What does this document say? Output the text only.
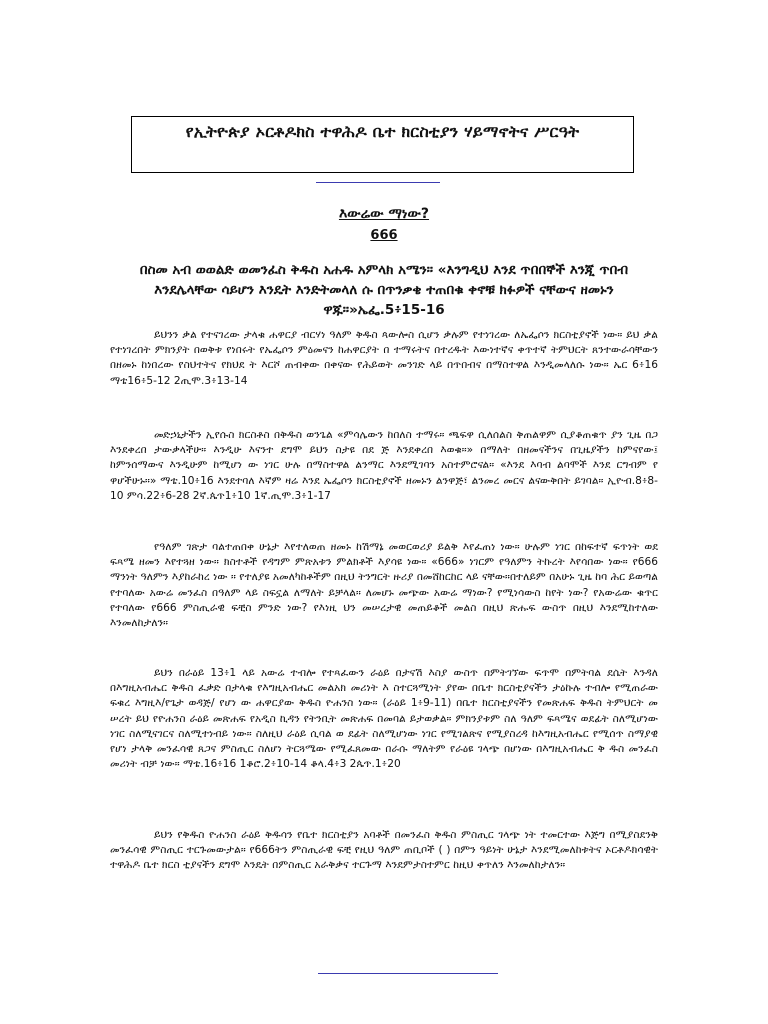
የኢትዮጵያ ኦርቶዶክስ ተዋሕዶ ቤተ ክርስቲያን ሃይማኖትና ሥርዓት
እውሬው ማነው?
666
በስመ አብ ወወልድ ወመንፈስ ቅዱስ አሐዱ አምላክ አሜን። «እንግዲህ እንደ ጥበበኞች እንጂ ጥበብ እንደሌላቸው ሳይሆን እንዴት እንድትመላለ ሱ በጥንቃቄ ተጠበቁ ቀኖቹ ክፉዎች ናቸውና ዘመኑን ዋጁ።»ኤፌ.5፥15-16
ይህንን ቃል የተናገረው ታላቁ ሐዋርያ ብርሃነ ዓለም ቅዱስ ጳውሎስ ሲሆን ቃሉም የተነገረው ለኤፌሶን ክርስቲያኖች ነው። ይህ ቃል የተነገረበት ምክንያት በወቅቱ የነበሩት የኤፌሶን ምዕመናን ከሐዋርያት በ ተማሩትና በተረዱት እውነተኛና ቀጥተኛ ትምህርት ጸንተውራሳቸውን በዘመኑ ከነበረው የስህተትና የክህደ ት እርሾ ጠብቀው በቀናው የሕይወት መንገድ ላይ በጥበብና በማስተዋል እንዲመላለሱ ነው። ኤር 6፥16 ማቴ16፥5-12 2ጢሞ.3፥13-14
መድኃኒታችን ኢየሱስ ክርስቶስ በቅዱስ ወንጌል «ምሳሌውን ከበለስ ተማሩ። ጫፍዋ ሲለሰልስ ቅጠልዋም ሲያቆጠቁጥ ያን ጊዜ በጋ እንደቀረበ ታውቃላችሁ። እንዲሁ እናንተ ደግሞ ይህን ስታዩ በደ ጅ እንደቀረበ እወቁ።» በማለት በዘመናችንና በጊዜያችን ከምናየው፤ ከምንሰማውና እንዲሁም ከሚሆነ ው ነገር ሁሉ በማስተዋል ልንማር እንደሚገባን አስተምሮናል። «እንደ እባብ ልባሞች እንደ ርግብም የ ዋሆችሁኑ።» ማቴ.10፥16 እንደተባለ እኛም ዛሬ እንደ ኤፌሶን ክርስቲያኖች ዘመኑን ልንዋጅ፣ ልንመረ መርና ልናውቅበት ይገባል። ኢዮብ.8፥8-10 ምሳ.22፥6-28 2ኛ.ጴጥ1፥10 1ኛ.ጢሞ.3፥1-17
የዓለም ገጽታ ባልተጠበቀ ሁኔታ እየተለወጠ ዘመኑ ከሽማኔ መወርወሪያ ይልቅ እየፈጠነ ነው። ሁሉም ነገር በከፍተኛ ፍጥነት ወደ ፍጻሜ ዘመን እየተጓዘ ነው። ክስተቶች የዳግም ምጽአቱን ምልክቶች እያሳዩ ነው። «666» ነገርም የዓለምን ትኩረት እየሳበው ነው። የ666 ማንነት ዓለምን እያከራከረ ነው ። የተለያዩ አመለካከቶችም በዚህ ትንግርት ዙሪያ በመሸከርከር ላይ ናቸው።በተለይም በአሁኑ ጊዜ ከባ ሕር ይወጣል የተባለው አውሬ መንፈስ በዓለም ላይ ስፍኗል ለማለት ይቻላል። ለመሆኑ መጭው አውሬ ማነው? የሚነሳውስ ከየት ነው? የአውሬው ቁጥር የተባለው የ666 ምስጢራዊ ፍቺስ ምንድ ነው? የእነዚ ህን መሠረታዊ መጠይቆች መልስ በዚህ ጽሑፍ ውስጥ በዚህ እንደሚከተለው እንመለከታለን።
ይህን በራዕይ 13፥1 ላይ አውሬ ተብሎ የተጻፈውን ራዕይ በታናሽ እስያ ውስጥ በምትገኘው ፍጥሞ በምትባል ደሴት እንዳለ በእግዚአብሔር ቅዱስ ፈቃድ በታላቁ የእግዚአብሔር መልአክ መሪነት እ ስተርጓሚነት ያየው በቤተ ክርስቲያናችን ታዕኩሉ ተብሎ የሚጠራው ፍቁረ እግዚእ/የጌታ ወዳጅ/ የሆነ ው ሐዋርያው ቅዱስ ዮሐንስ ነው። (ራዕይ 1፥9-11) በቤተ ክርስቲያናችን የመጽሐፍ ቅዱስ ትምህርት መ ሠረት ይህ የዮሐንስ ራዕይ መጽሐፍ የአዲስ ኪዳን የትንቢት መጽሐፍ በመባል ይታወቃል። ምክንያቱም ስለ ዓለም ፍጻሜና ወደፊት ስለሚሆነው ነገር ስለሚናገርና ስለሚተነብይ ነው። ስለዚህ ራዕይ ሲባል ወ ደፊት ስለሚሆነው ነገር የሚገልጽና የሚያስረዳ ከእግዚአብሔር የሚሰጥ ስማያዊ የሆነ ታላቅ መንፈሳዊ ጸጋና ምስጢር ስለሆነ ትርጓሜው የሚፈጸመው በራሱ ማለትም የራዕዩ ገላጭ በሆነው በእግዚአብሔር ቅ ዱስ መንፈስ መሪነት ብቻ ነው። ማቴ.16፥16 1ቆሮ.2፥10-14 ቆላ.4፥3 2ጴጥ.1፥20
ይህን የቅዱስ ዮሐንስ ራዕይ ቅዱሳን የቤተ ክርስቲያን አባቶች በመንፈስ ቅዱስ ምስጢር ገላጭ ነት ተመርተው እጅግ በሚያስደንቅ መንፈሳዊ ምስጢር ተርጉመውታል። የ666ትን ምስጢራዊ ፍቺ የዚህ ዓለም ጠቢቦች ( ) በምን ዓይነት ሁኔታ እንደሚመለከቱትና ኦርቶዶክሳዊት ተዋሕዶ ቤተ ክርስ ቲያናችን ደግሞ እንዴት በምስጢር አራቅቃና ተርጉማ እንደምታስተምር ከዚህ ቀጥለን እንመለከታለን።
